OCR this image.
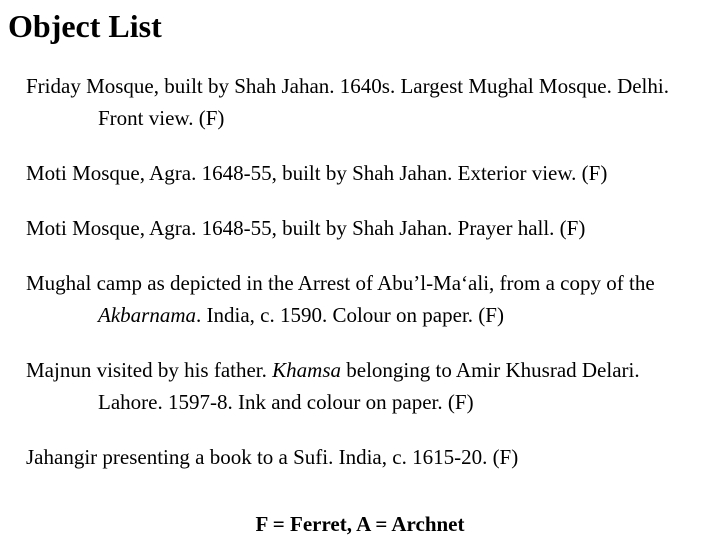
Object List
Friday Mosque, built by Shah Jahan. 1640s. Largest Mughal Mosque. Delhi. Front view. (F)
Moti Mosque, Agra. 1648-55, built by Shah Jahan. Exterior view. (F)
Moti Mosque, Agra. 1648-55, built by Shah Jahan. Prayer hall. (F)
Mughal camp as depicted in the Arrest of Abu’l-Ma‘ali, from a copy of the Akbarnama. India, c. 1590. Colour on paper. (F)
Majnun visited by his father. Khamsa belonging to Amir Khusrad Delari. Lahore. 1597-8. Ink and colour on paper. (F)
Jahangir presenting a book to a Sufi. India, c. 1615-20. (F)
F = Ferret, A = Archnet
